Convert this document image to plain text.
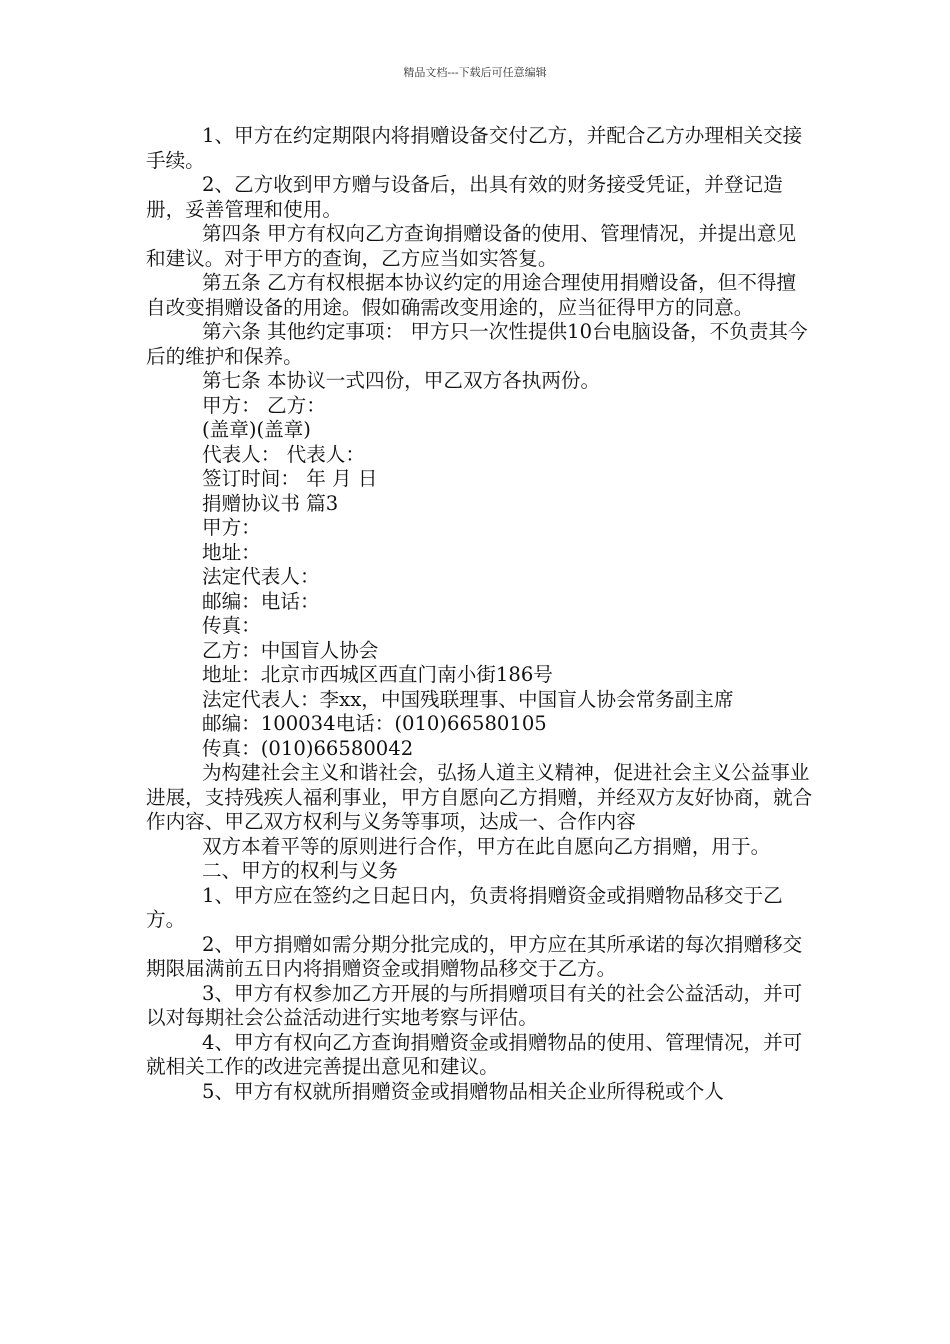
精品文档---下载后可任意编辑

1、甲方在约定期限内将捐赠设备交付乙方，并配合乙方办理相关交接手续。

2、乙方收到甲方赠与设备后，出具有效的财务接受凭证，并登记造册，妥善管理和使用。

第四条 甲方有权向乙方查询捐赠设备的使用、管理情况，并提出意见和建议。对于甲方的查询，乙方应当如实答复。

第五条 乙方有权根据本协议约定的用途合理使用捐赠设备，但不得擅自改变捐赠设备的用途。假如确需改变用途的，应当征得甲方的同意。

第六条 其他约定事项： 甲方只一次性提供10台电脑设备，不负责其今后的维护和保养。

第七条 本协议一式四份，甲乙双方各执两份。

甲方： 乙方：

(盖章)(盖章)

代表人： 代表人：

签订时间： 年 月 日

捐赠协议书 篇3

甲方：

地址：

法定代表人：

邮编：电话：

传真：

乙方：中国盲人协会

地址：北京市西城区西直门南小街186号

法定代表人：李xx，中国残联理事、中国盲人协会常务副主席

邮编：100034电话：(010)66580105

传真：(010)66580042

为构建社会主义和谐社会，弘扬人道主义精神，促进社会主义公益事业进展，支持残疾人福利事业，甲方自愿向乙方捐赠，并经双方友好协商，就合作内容、甲乙双方权利与义务等事项，达成一、合作内容

双方本着平等的原则进行合作，甲方在此自愿向乙方捐赠，用于。

二、甲方的权利与义务

1、甲方应在签约之日起日内，负责将捐赠资金或捐赠物品移交于乙方。

2、甲方捐赠如需分期分批完成的，甲方应在其所承诺的每次捐赠移交期限届满前五日内将捐赠资金或捐赠物品移交于乙方。

3、甲方有权参加乙方开展的与所捐赠项目有关的社会公益活动，并可以对每期社会公益活动进行实地考察与评估。

4、甲方有权向乙方查询捐赠资金或捐赠物品的使用、管理情况，并可就相关工作的改进完善提出意见和建议。

5、甲方有权就所捐赠资金或捐赠物品相关企业所得税或个人
